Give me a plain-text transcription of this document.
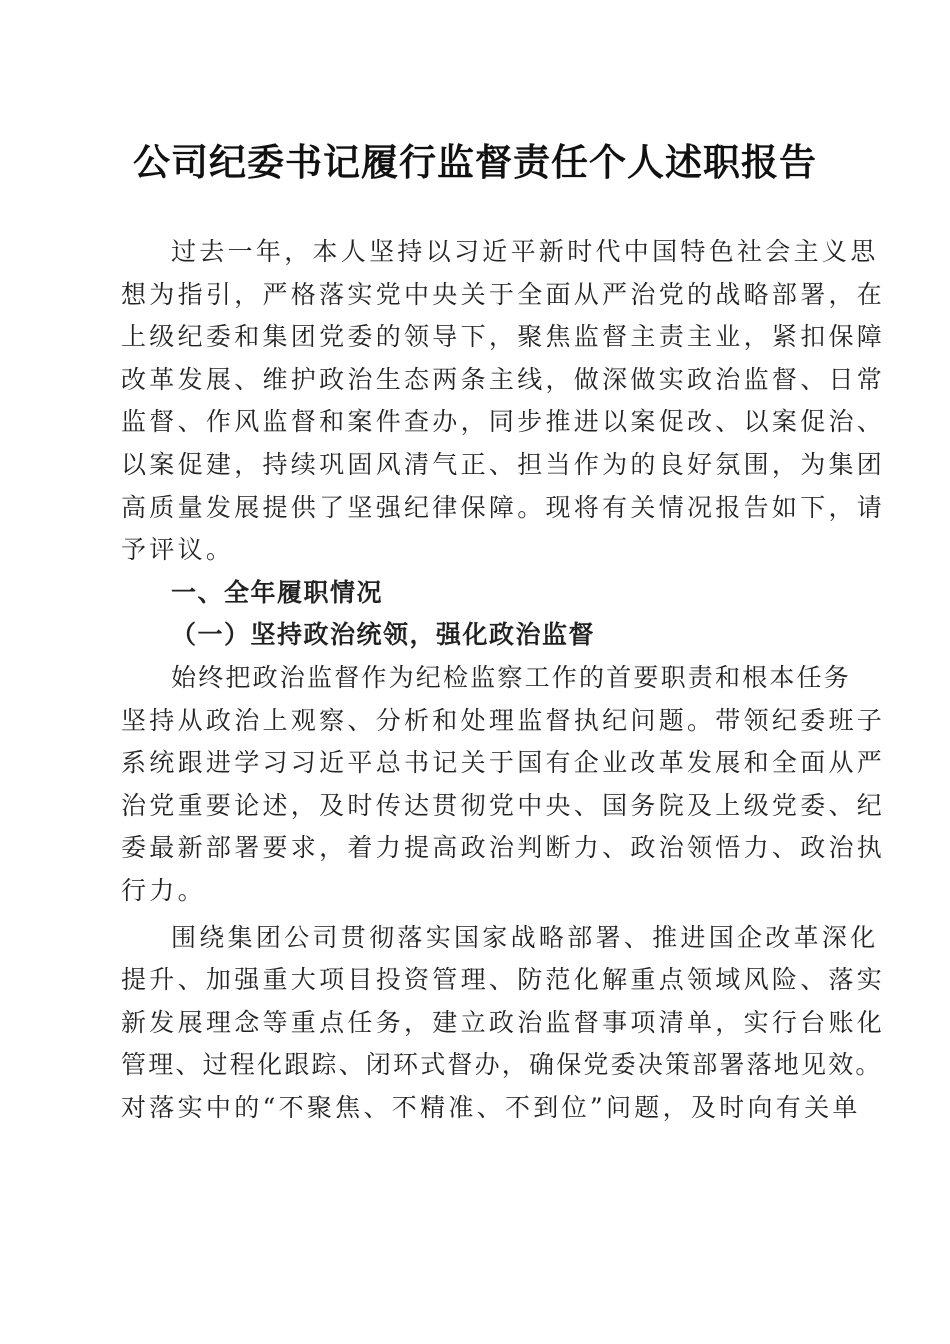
公司纪委书记履行监督责任个人述职报告
过去一年，本人坚持以习近平新时代中国特色社会主义思
想为指引，严格落实党中央关于全面从严治党的战略部署，在
上级纪委和集团党委的领导下，聚焦监督主责主业，紧扣保障
改革发展、维护政治生态两条主线，做深做实政治监督、日常
监督、作风监督和案件查办，同步推进以案促改、以案促治、
以案促建，持续巩固风清气正、担当作为的良好氛围，为集团
高质量发展提供了坚强纪律保障。现将有关情况报告如下，请
予评议。
一、全年履职情况
（一）坚持政治统领，强化政治监督
始终把政治监督作为纪检监察工作的首要职责和根本任务
坚持从政治上观察、分析和处理监督执纪问题。带领纪委班子
系统跟进学习习近平总书记关于国有企业改革发展和全面从严
治党重要论述，及时传达贯彻党中央、国务院及上级党委、纪
委最新部署要求，着力提高政治判断力、政治领悟力、政治执
行力。
围绕集团公司贯彻落实国家战略部署、推进国企改革深化
提升、加强重大项目投资管理、防范化解重点领域风险、落实
新发展理念等重点任务，建立政治监督事项清单，实行台账化
管理、过程化跟踪、闭环式督办，确保党委决策部署落地见效。
对落实中的“不聚焦、不精准、不到位”问题，及时向有关单
